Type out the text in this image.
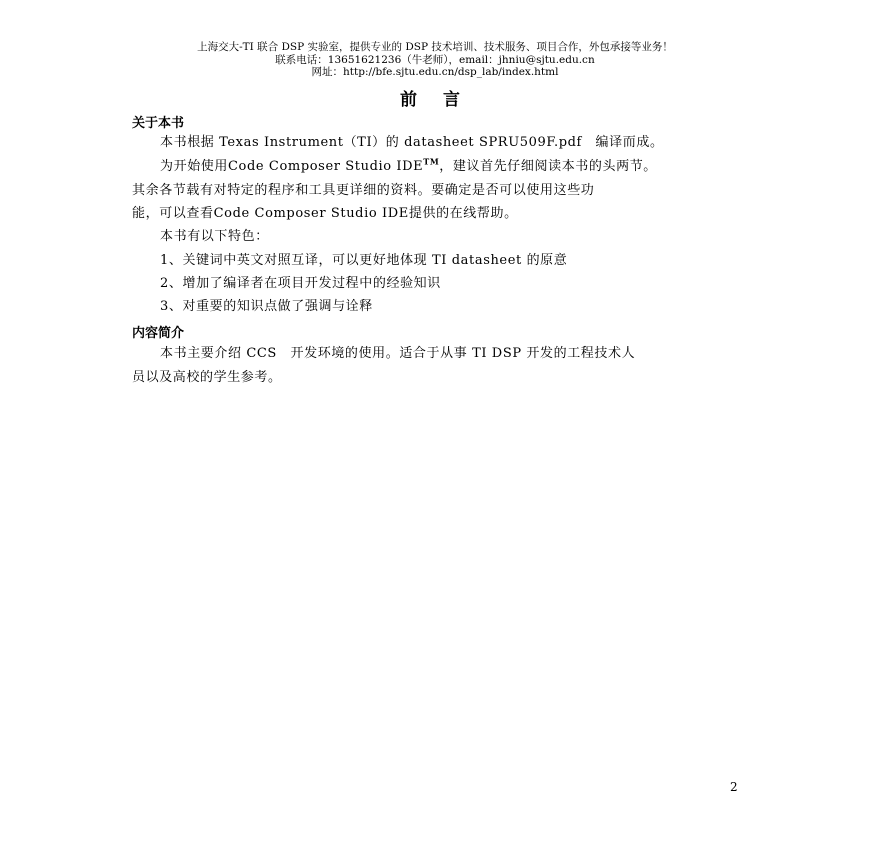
上海交大-TI 联合 DSP 实验室，提供专业的 DSP 技术培训、技术服务、项目合作，外包承接等业务！
联系电话：13651621236（牛老师），email：jhniu@sjtu.edu.cn
网址：http://bfe.sjtu.edu.cn/dsp_lab/index.html
前 言
关于本书
本书根据 Texas Instrument（TI）的 datasheet SPRU509F.pdf　编译而成。
为开始使用Code Composer Studio IDE™，建议首先仔细阅读本书的头两节。
其余各节载有对特定的程序和工具更详细的资料。要确定是否可以使用这些功
能，可以查看Code Composer Studio IDE提供的在线帮助。
本书有以下特色：
1、关键词中英文对照互译，可以更好地体现 TI datasheet 的原意
2、增加了编译者在项目开发过程中的经验知识
3、对重要的知识点做了强调与诠释
内容简介
本书主要介绍 CCS　开发环境的使用。适合于从事 TI DSP 开发的工程技术人
员以及高校的学生参考。
2
